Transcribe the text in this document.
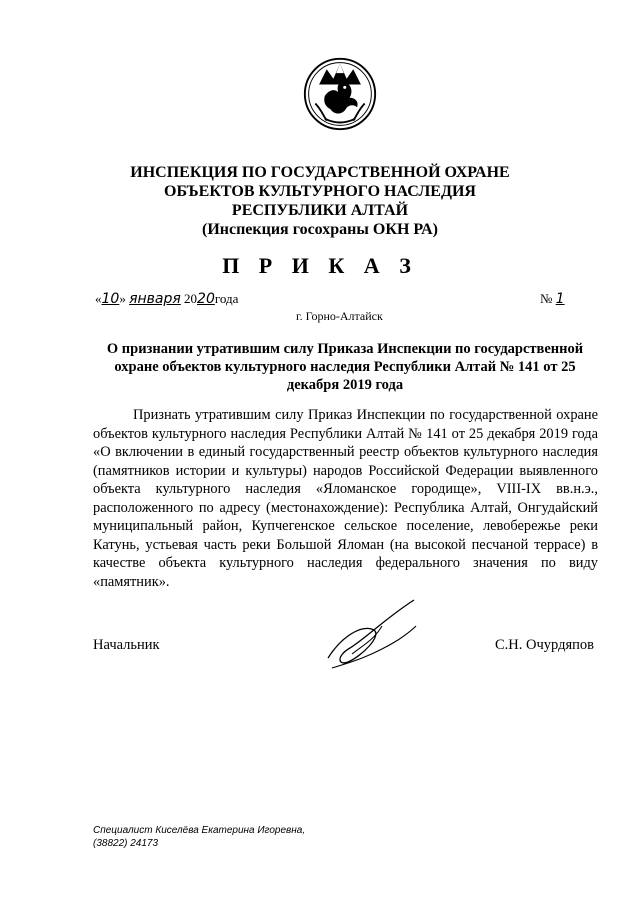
ИНСПЕКЦИЯ ПО ГОСУДАРСТВЕННОЙ ОХРАНЕ
ОБЪЕКТОВ КУЛЬТУРНОГО НАСЛЕДИЯ
РЕСПУБЛИКИ АЛТАЙ
(Инспекция госохраны ОКН РА)
П Р И К А З
«10» января 2020года	№ 1
г. Горно-Алтайск
О признании утратившим силу Приказа Инспекции по государственной охране объектов культурного наследия Республики Алтай № 141 от 25 декабря 2019 года
Признать утратившим силу Приказ Инспекции по государственной охране объектов культурного наследия Республики Алтай № 141 от 25 декабря 2019 года «О включении в единый государственный реестр объектов культурного наследия (памятников истории и культуры) народов Российской Федерации выявленного объекта культурного наследия «Яломанское городище», VIII-IX вв.н.э., расположенного по адресу (местонахождение): Республика Алтай, Онгудайский муниципальный район, Купчегенское сельское поселение, левобережье реки Катунь, устьевая часть реки Большой Яломан (на высокой песчаной террасе) в качестве объекта культурного наследия федерального значения по виду «памятник».
Начальник	С.Н. Очурдяпов
Специалист Киселёва Екатерина Игоревна,
(38822) 24173
